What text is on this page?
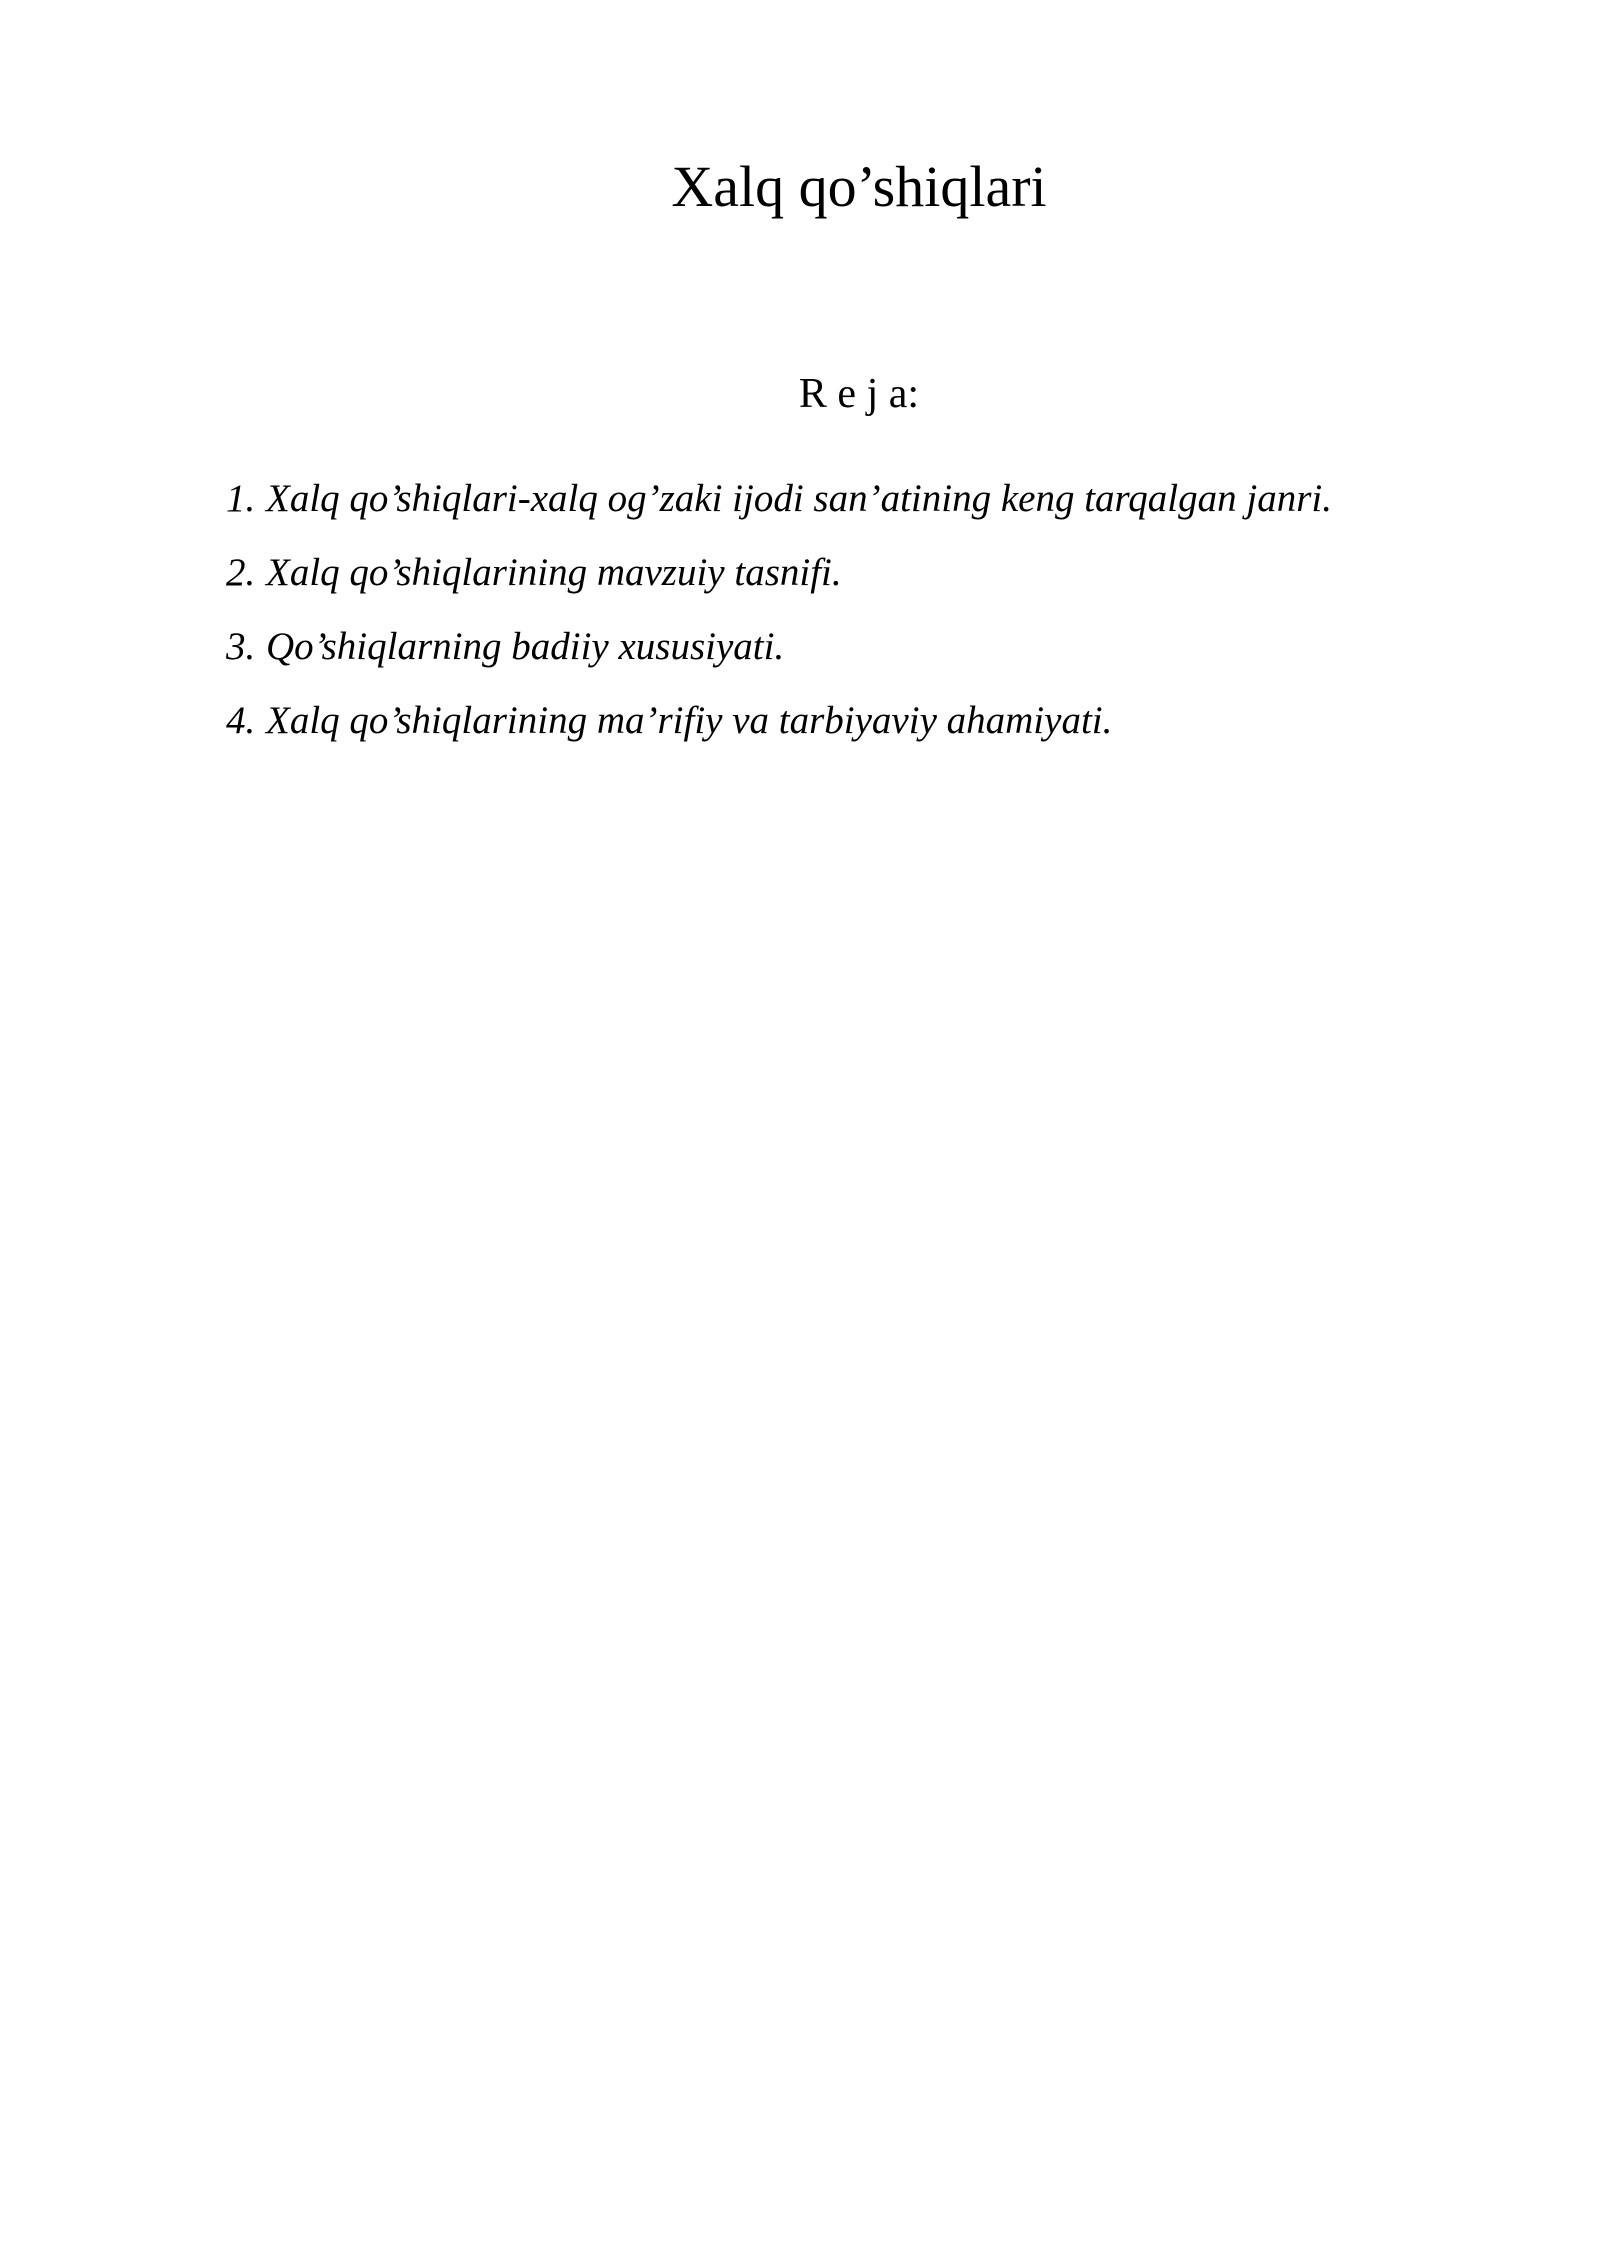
Xalq qo’shiqlari
R e j a:
1. Xalq qo’shiqlari-xalq og’zaki ijodi san’atining keng tarqalgan janri.
2. Xalq qo’shiqlarining mavzuiy tasnifi.
3. Qo’shiqlarning badiiy xususiyati.
4. Xalq qo’shiqlarining ma’rifiy va tarbiyaviy ahamiyati.
